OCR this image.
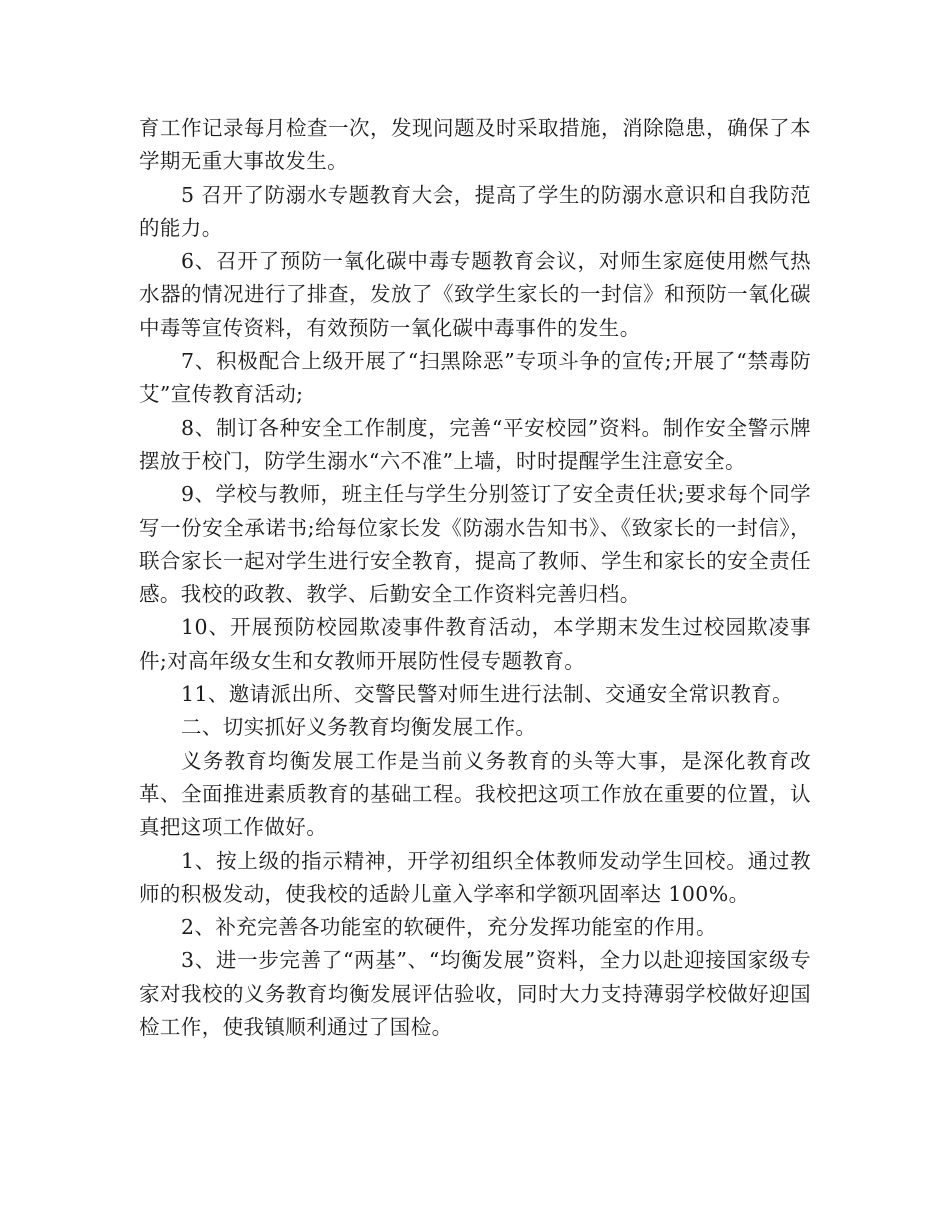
育工作记录每月检查一次，发现问题及时采取措施，消除隐患，确保了本学期无重大事故发生。

5 召开了防溺水专题教育大会，提高了学生的防溺水意识和自我防范的能力。

6、召开了预防一氧化碳中毒专题教育会议，对师生家庭使用燃气热水器的情况进行了排查，发放了《致学生家长的一封信》和预防一氧化碳中毒等宣传资料，有效预防一氧化碳中毒事件的发生。

7、积极配合上级开展了“扫黑除恶”专项斗争的宣传;开展了“禁毒防艾”宣传教育活动;

8、制订各种安全工作制度，完善“平安校园”资料。制作安全警示牌摆放于校门，防学生溺水“六不准”上墙，时时提醒学生注意安全。

9、学校与教师，班主任与学生分别签订了安全责任状;要求每个同学写一份安全承诺书;给每位家长发《防溺水告知书》、《致家长的一封信》，联合家长一起对学生进行安全教育，提高了教师、学生和家长的安全责任感。我校的政教、教学、后勤安全工作资料完善归档。

10、开展预防校园欺凌事件教育活动，本学期末发生过校园欺凌事件;对高年级女生和女教师开展防性侵专题教育。

11、邀请派出所、交警民警对师生进行法制、交通安全常识教育。

二、切实抓好义务教育均衡发展工作。

义务教育均衡发展工作是当前义务教育的头等大事，是深化教育改革、全面推进素质教育的基础工程。我校把这项工作放在重要的位置，认真把这项工作做好。

1、按上级的指示精神，开学初组织全体教师发动学生回校。通过教师的积极发动，使我校的适龄儿童入学率和学额巩固率达 100%。

2、补充完善各功能室的软硬件，充分发挥功能室的作用。

3、进一步完善了“两基”、“均衡发展”资料，全力以赴迎接国家级专家对我校的义务教育均衡发展评估验收，同时大力支持薄弱学校做好迎国检工作，使我镇顺利通过了国检。
